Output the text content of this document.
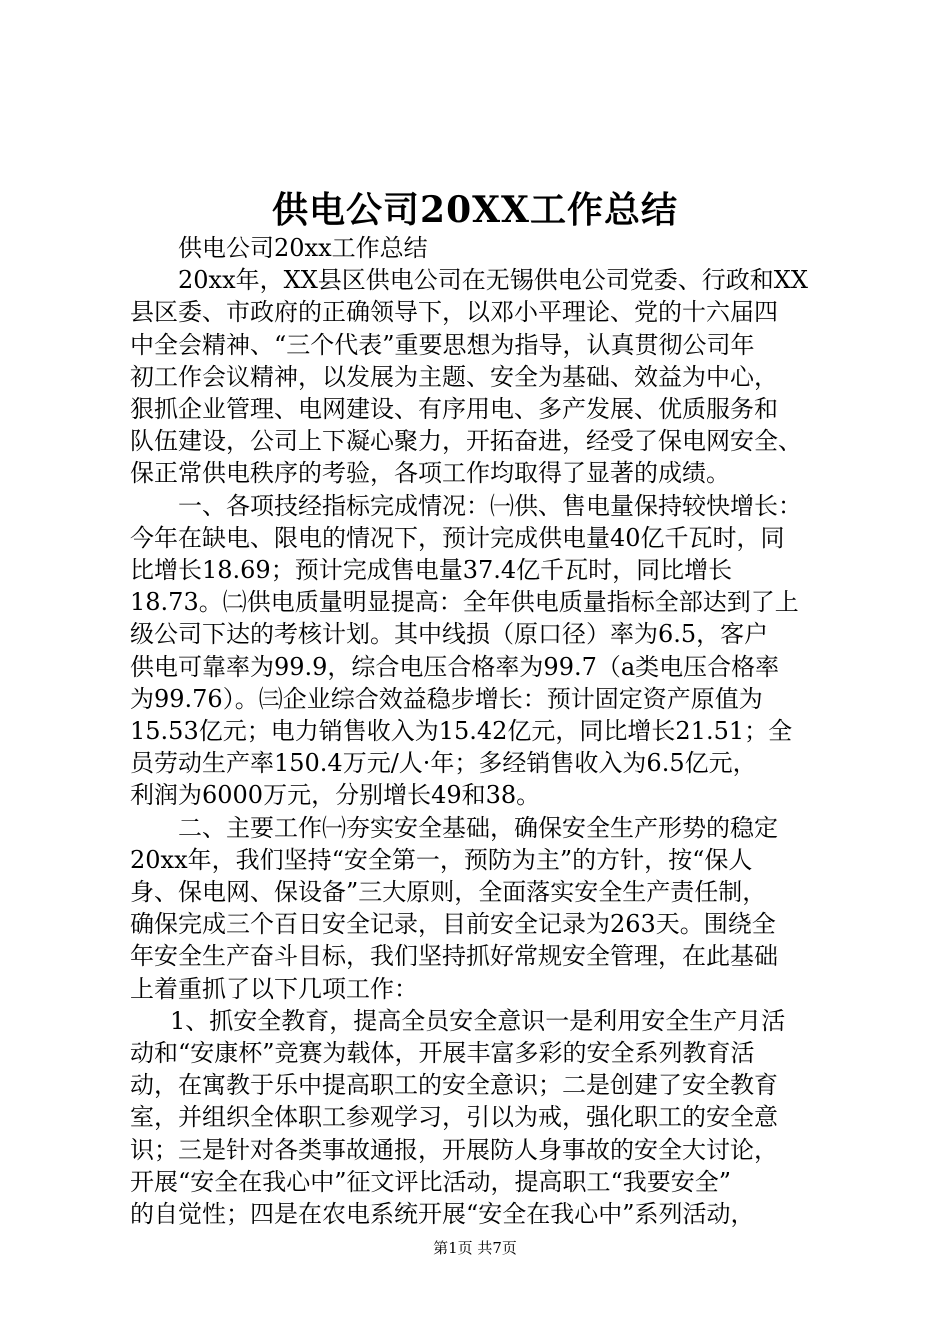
供电公司20XX工作总结

供电公司20xx工作总结

20xx年，XX县区供电公司在无锡供电公司党委、行政和XX

县区委、市政府的正确领导下，以邓小平理论、党的十六届四

中全会精神、“三个代表”重要思想为指导，认真贯彻公司年

初工作会议精神，以发展为主题、安全为基础、效益为中心，

狠抓企业管理、电网建设、有序用电、多产发展、优质服务和

队伍建设，公司上下凝心聚力，开拓奋进，经受了保电网安全、

保正常供电秩序的考验，各项工作均取得了显著的成绩。

一、各项技经指标完成情况：㈠供、售电量保持较快增长：

今年在缺电、限电的情况下，预计完成供电量40亿千瓦时，同

比增长18.69；预计完成售电量37.4亿千瓦时，同比增长

18.73。㈡供电质量明显提高：全年供电质量指标全部达到了上

级公司下达的考核计划。其中线损（原口径）率为6.5，客户

供电可靠率为99.9，综合电压合格率为99.7（a类电压合格率

为99.76）。㈢企业综合效益稳步增长：预计固定资产原值为

15.53亿元；电力销售收入为15.42亿元，同比增长21.51；全

员劳动生产率150.4万元/人·年；多经销售收入为6.5亿元，

利润为6000万元，分别增长49和38。

二、主要工作㈠夯实安全基础，确保安全生产形势的稳定

20xx年，我们坚持“安全第一，预防为主”的方针，按“保人

身、保电网、保设备”三大原则，全面落实安全生产责任制，

确保完成三个百日安全记录，目前安全记录为263天。围绕全

年安全生产奋斗目标，我们坚持抓好常规安全管理，在此基础

上着重抓了以下几项工作：

1、抓安全教育，提高全员安全意识一是利用安全生产月活

动和“安康杯”竞赛为载体，开展丰富多彩的安全系列教育活

动，在寓教于乐中提高职工的安全意识；二是创建了安全教育

室，并组织全体职工参观学习，引以为戒，强化职工的安全意

识；三是针对各类事故通报，开展防人身事故的安全大讨论，

开展“安全在我心中”征文评比活动，提高职工“我要安全”

的自觉性；四是在农电系统开展“安全在我心中”系列活动，

第1页 共7页
